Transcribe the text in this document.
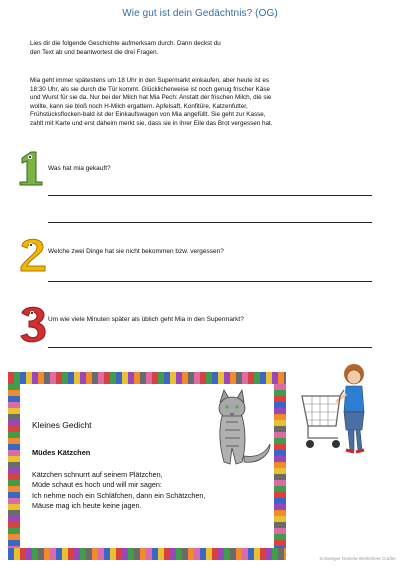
Wie gut ist dein Gedächtnis? (OG)
Lies dir die folgende Geschichte aufmerksam durch. Dann deckst du
den Text ab und beantwortest die drei Fragen.
Mia geht immer spätestens um 18 Uhr in den Supermarkt einkaufen, aber heute ist es
18:30 Uhr, als sie durch die Tür kommt. Glücklicherweise ist noch genug frischer Käse
und Wurst für sie da. Nur bei der Milch hat Mia Pech: Anstatt der frischen Milch, die sie
wollte, kann sie bloß noch H-Milch ergattern. Apfelsaft, Konfitüre, Katzenfutter,
Frühstücksflocken-bald ist der Einkaufswagen von Mia angefüllt. Sie geht zur Kasse,
zahlt mit Karte und erst daheim merkt sie, dass sie in ihrer Eile das Brot vergessen hat.
Was hat mia gekauft?
Welche zwei Dinge hat sie nicht bekommen bzw. vergessen?
Um wie viele Minuten später als üblich geht Mia in den Supermarkt?
Kleines Gedicht
Müdes Kätzchen
Kätzchen schnurrt auf seinem Plätzchen,
Müde schaut es hoch und will mir sagen:
Ich nehme noch ein Schläfchen, dann ein Schätzchen,
Mäuse mag ich heute keine jagen.
Schweiger Daniela Worksheet Crafter
